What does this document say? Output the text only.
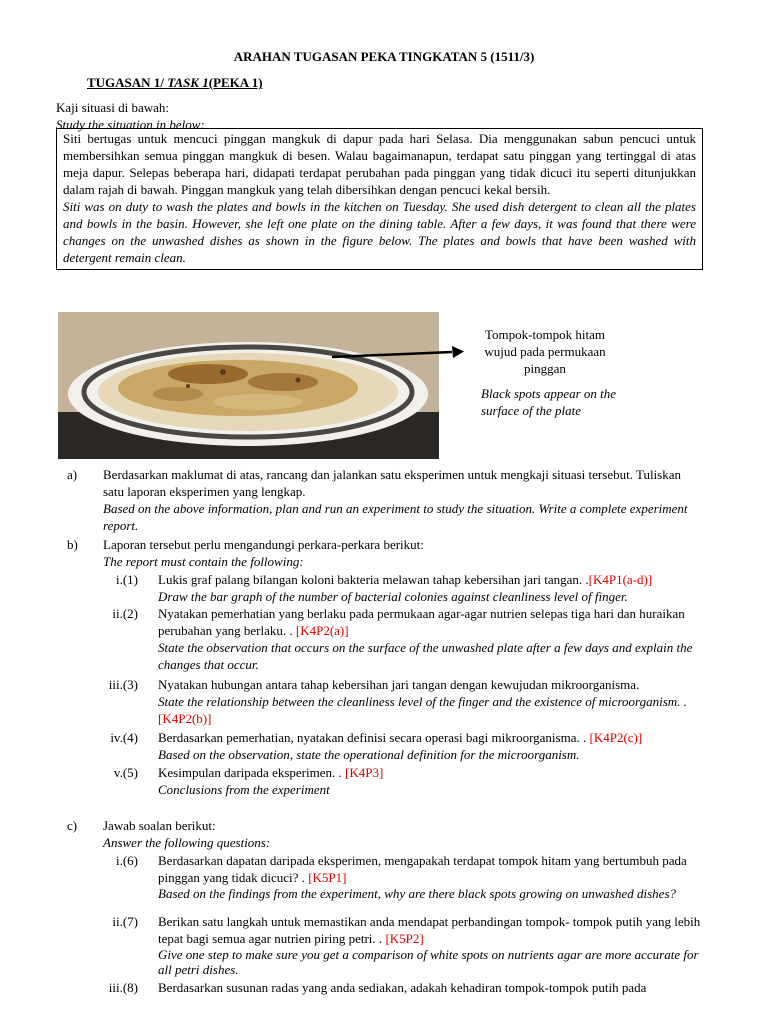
ARAHAN TUGASAN PEKA TINGKATAN 5 (1511/3)
TUGASAN 1/ TASK 1(PEKA 1)
Kaji situasi di bawah:
Study the situation in below:

Siti bertugas untuk mencuci pinggan mangkuk di dapur pada hari Selasa. Dia menggunakan sabun pencuci untuk membersihkan semua pinggan mangkuk di besen. Walau bagaimanapun, terdapat satu pinggan yang tertinggal di atas meja dapur. Selepas beberapa hari, didapati terdapat perubahan pada pinggan yang tidak dicuci itu seperti ditunjukkan dalam rajah di bawah. Pinggan mangkuk yang telah dibersihkan dengan pencuci kekal bersih.

Siti was on duty to wash the plates and bowls in the kitchen on Tuesday. She used dish detergent to clean all the plates and bowls in the basin. However, she left one plate on the dining table. After a few days, it was found that there were changes on the unwashed dishes as shown in the figure below. The plates and bowls that have been washed with detergent remain clean.

Tompok-tompok hitam wujud pada permukaan pinggan
Black spots appear on the surface of the plate
a) Berdasarkan maklumat di atas, rancang dan jalankan satu eksperimen untuk mengkaji situasi tersebut. Tuliskan satu laporan eksperimen yang lengkap.
Based on the above information, plan and run an experiment to study the situation. Write a complete experiment report.
b) Laporan tersebut perlu mengandungi perkara-perkara berikut:
The report must contain the following:
i.(1) Lukis graf palang bilangan koloni bakteria melawan tahap kebersihan jari tangan. .[K4P1(a-d)]
Draw the bar graph of the number of bacterial colonies against cleanliness level of finger.
ii.(2) Nyatakan pemerhatian yang berlaku pada permukaan agar-agar nutrien selepas tiga hari dan huraikan perubahan yang berlaku. . [K4P2(a)]
State the observation that occurs on the surface of the unwashed plate after a few days and explain the changes that occur.
iii.(3) Nyatakan hubungan antara tahap kebersihan jari tangan dengan kewujudan mikroorganisma.
State the relationship between the cleanliness level of the finger and the existence of microorganism. . [K4P2(b)]
iv.(4) Berdasarkan pemerhatian, nyatakan definisi secara operasi bagi mikroorganisma. . [K4P2(c)]
Based on the observation, state the operational definition for the microorganism.
v.(5) Kesimpulan daripada eksperimen. . [K4P3]
Conclusions from the experiment
c) Jawab soalan berikut:
Answer the following questions:
i.(6) Berdasarkan dapatan daripada eksperimen, mengapakah terdapat tompok hitam yang bertumbuh pada pinggan yang tidak dicuci? . [K5P1]
Based on the findings from the experiment, why are there black spots growing on unwashed dishes?
ii.(7) Berikan satu langkah untuk memastikan anda mendapat perbandingan tompok- tompok putih yang lebih tepat bagi semua agar nutrien piring petri. . [K5P2]
Give one step to make sure you get a comparison of white spots on nutrients agar are more accurate for all petri dishes.
iii.(8) Berdasarkan susunan radas yang anda sediakan, adakah kehadiran tompok-tompok putih pada
